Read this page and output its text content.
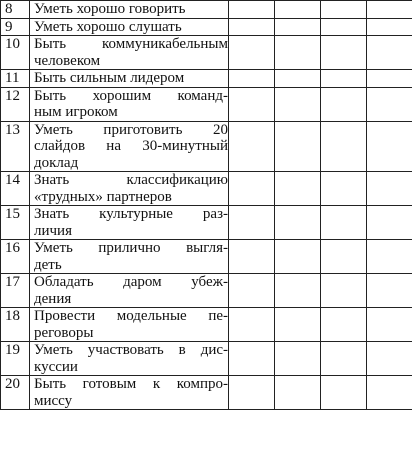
8	Уметь хорошо говорить				

9	Уметь хорошо слушать				

10	Быть коммуникабельным
человеком				

11	Быть сильным лидером				

12	Быть хорошим команд-
ным игроком				

13	Уметь приготовить 20
слайдов на 30-минутный
доклад				

14	Знать классификацию
«трудных» партнеров				

15	Знать культурные раз-
личия				

16	Уметь прилично выгля-
деть				

17	Обладать даром убеж-
дения				

18	Провести модельные пе-
реговоры				

19	Уметь участвовать в дис-
куссии				

20	Быть готовым к компро-
миссу				
